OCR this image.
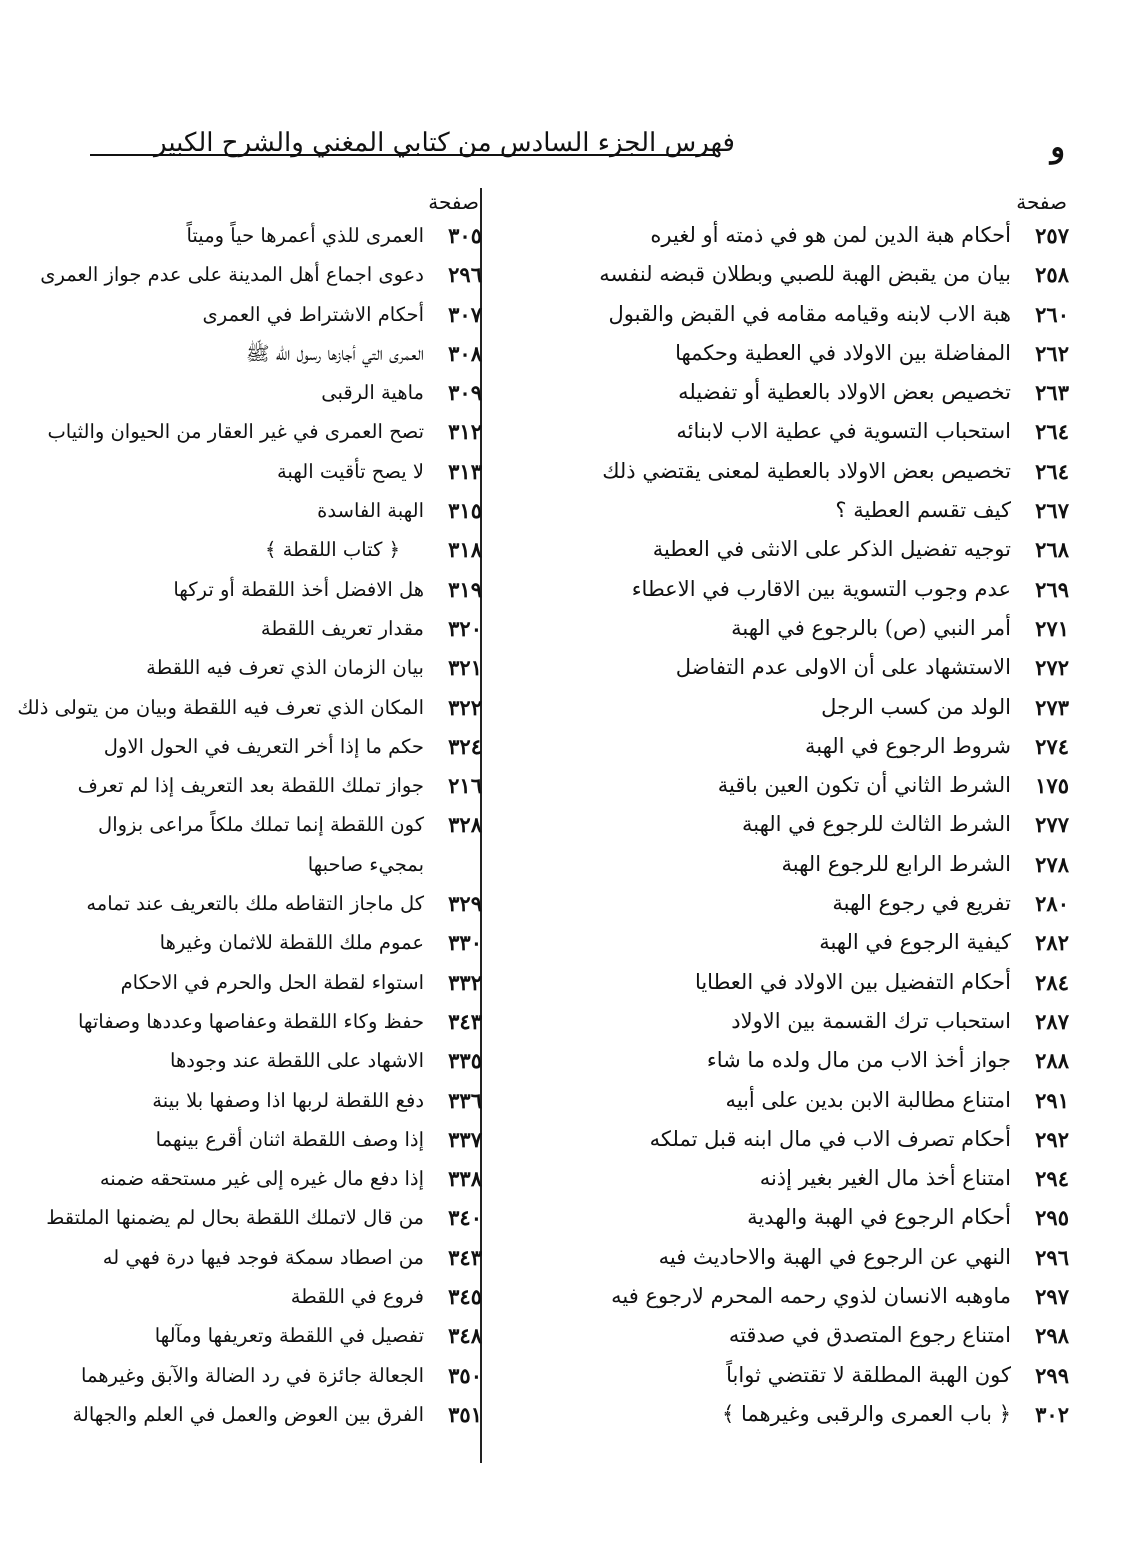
و
فهرس الجزء السادس من كتابي المغني والشرح الكبير
صفحة
صفحة
٢٥٧
أحكام هبة الدين لمن هو في ذمته أو لغيره
٢٥٨
بيان من يقبض الهبة للصبي وبطلان قبضه لنفسه
٢٦٠
هبة الاب لابنه وقيامه مقامه في القبض والقبول
٢٦٢
المفاضلة بين الاولاد في العطية وحكمها
٢٦٣
تخصيص بعض الاولاد بالعطية أو تفضيله
٢٦٤
استحباب التسوية في عطية الاب لابنائه
٢٦٤
تخصيص بعض الاولاد بالعطية لمعنى يقتضي ذلك
٢٦٧
كيف تقسم العطية ؟
٢٦٨
توجيه تفضيل الذكر على الانثى في العطية
٢٦٩
عدم وجوب التسوية بين الاقارب في الاعطاء
٢٧١
أمر النبي (ص) بالرجوع في الهبة
٢٧٢
الاستشهاد على أن الاولى عدم التفاضل
٢٧٣
الولد من كسب الرجل
٢٧٤
شروط الرجوع في الهبة
١٧٥
الشرط الثاني أن تكون العين باقية
٢٧٧
الشرط الثالث للرجوع في الهبة
٢٧٨
الشرط الرابع للرجوع الهبة
٢٨٠
تفريع في رجوع الهبة
٢٨٢
كيفية الرجوع في الهبة
٢٨٤
أحكام التفضيل بين الاولاد في العطايا
٢٨٧
استحباب ترك القسمة بين الاولاد
٢٨٨
جواز أخذ الاب من مال ولده ما شاء
٢٩١
امتناع مطالبة الابن بدين على أبيه
٢٩٢
أحكام تصرف الاب في مال ابنه قبل تملكه
٢٩٤
امتناع أخذ مال الغير بغير إذنه
٢٩٥
أحكام الرجوع في الهبة والهدية
٢٩٦
النهي عن الرجوع في الهبة والاحاديث فيه
٢٩٧
ماوهبه الانسان لذوي رحمه المحرم لارجوع فيه
٢٩٨
امتناع رجوع المتصدق في صدقته
٢٩٩
كون الهبة المطلقة لا تقتضي ثواباً
٣٠٢
﴿ باب العمرى والرقبى وغيرهما ﴾
٣٠٥
العمرى للذي أعمرها حياً وميتاً
٢٩٦
دعوى اجماع أهل المدينة على عدم جواز العمرى
٣٠٧
أحكام الاشتراط في العمرى
٣٠٨
العمرى التي أجازها رسول الله ﷺ
٣٠٩
ماهية الرقبى
٣١٢
تصح العمرى في غير العقار من الحيوان والثياب
٣١٣
لا يصح تأقيت الهبة
٣١٥
الهبة الفاسدة
٣١٨
﴿ كتاب اللقطة ﴾
٣١٩
هل الافضل أخذ اللقطة أو تركها
٣٢٠
مقدار تعريف اللقطة
٣٢١
بيان الزمان الذي تعرف فيه اللقطة
٣٢٢
المكان الذي تعرف فيه اللقطة وبيان من يتولى ذلك
٣٢٤
حكم ما إذا أخر التعريف في الحول الاول
٢١٦
جواز تملك اللقطة بعد التعريف إذا لم تعرف
٣٢٨
كون اللقطة إنما تملك ملكاً مراعى بزوال
بمجيء صاحبها
٣٢٩
كل ماجاز التقاطه ملك بالتعريف عند تمامه
٣٣٠
عموم ملك اللقطة للاثمان وغيرها
٣٣٢
استواء لقطة الحل والحرم في الاحكام
٣٤٣
حفظ وكاء اللقطة وعفاصها وعددها وصفاتها
٣٣٥
الاشهاد على اللقطة عند وجودها
٣٣٦
دفع اللقطة لربها اذا وصفها بلا بينة
٣٣٧
إذا وصف اللقطة اثنان أقرع بينهما
٣٣٨
إذا دفع مال غيره إلى غير مستحقه ضمنه
٣٤٠
من قال لاتملك اللقطة بحال لم يضمنها الملتقط
٣٤٣
من اصطاد سمكة فوجد فيها درة فهي له
٣٤٥
فروع في اللقطة
٣٤٨
تفصيل في اللقطة وتعريفها ومآلها
٣٥٠
الجعالة جائزة في رد الضالة والآبق وغيرهما
٣٥١
الفرق بين العوض والعمل في العلم والجهالة
